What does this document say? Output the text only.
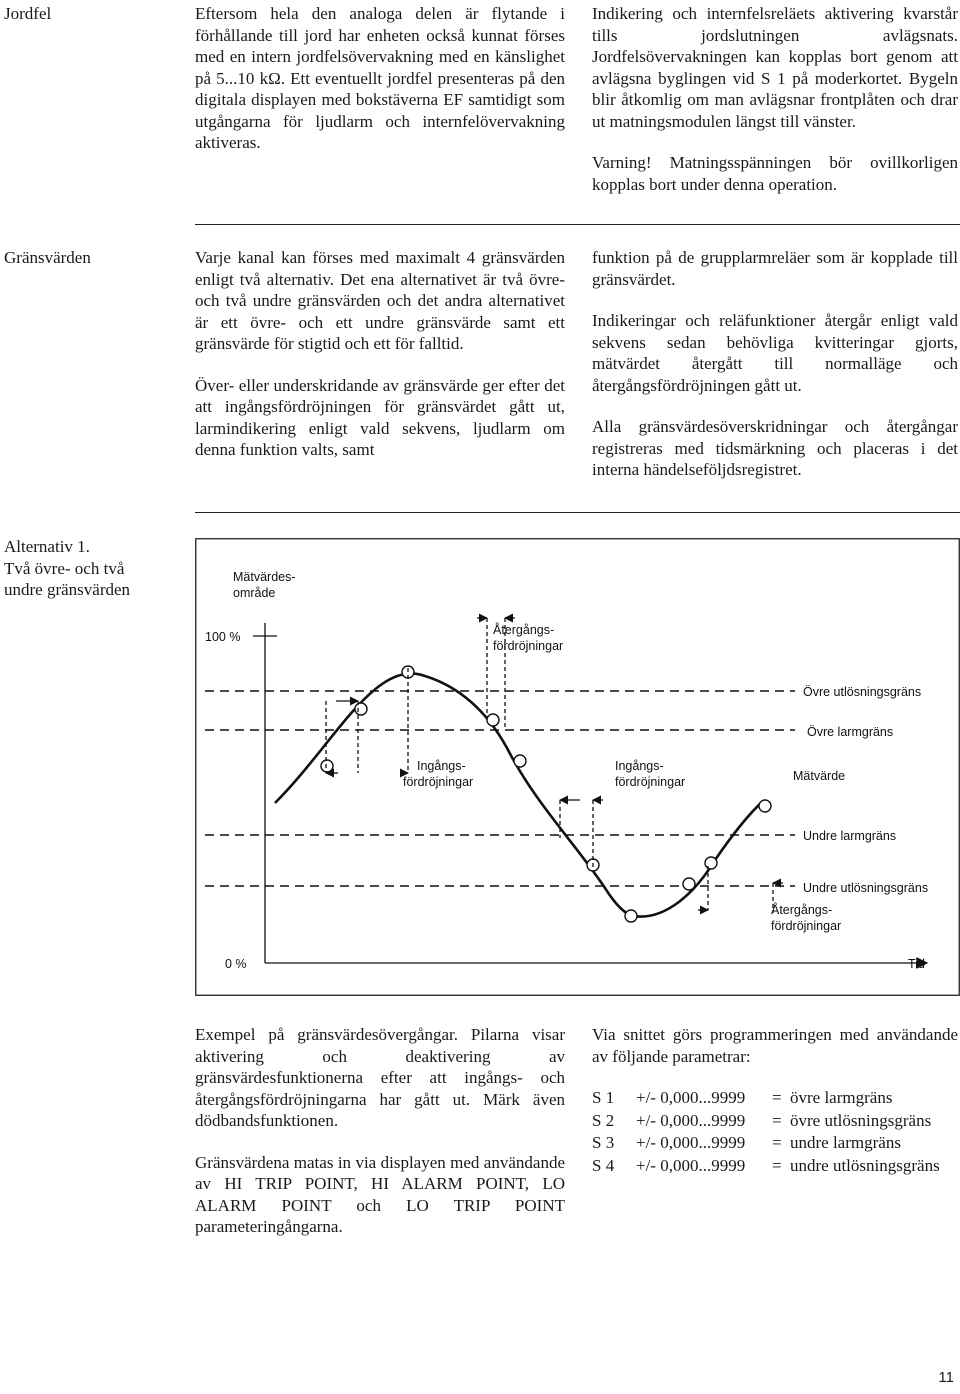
Jordfel	Eftersom hela den analoga delen är flytande i förhållande till jord har enheten också kunnat förses med en intern jordfelsövervakning med en känslighet på 5...10 kΩ. Ett eventuellt jordfel presenteras på den digitala displayen med bokstäverna EF samtidigt som utgångarna för ljudlarm och internfelövervakning aktiveras.

Indikering och internfelsreläets aktivering kvarstår tills jordslutningen avlägsnats. Jordfelsövervakningen kan kopplas bort genom att avlägsna byglingen vid S 1 på moderkortet. Bygeln blir åtkomlig om man avlägsnar frontplåten och drar ut matningsmodulen längst till vänster.

Varning! Matningsspänningen bör ovillkorligen kopplas bort under denna operation.

Gränsvärden	Varje kanal kan förses med maximalt 4 gränsvärden enligt två alternativ. Det ena alternativet är två övre- och två undre gränsvärden och det andra alternativet är ett övre- och ett undre gränsvärde samt ett gränsvärde för stigtid och ett för falltid.

Över- eller underskridande av gränsvärde ger efter det att ingångsfördröjningen för gränsvärdet gått ut, larmindikering enligt vald sekvens, ljudlarm om denna funktion valts, samt

funktion på de grupplarmreläer som är kopplade till gränsvärdet.

Indikeringar och reläfunktioner återgår enligt vald sekvens sedan behövliga kvitteringar gjorts, mätvärdet återgått till normalläge och återgångsfördröjningen gått ut.

Alla gränsvärdesöverskridningar och återgångar registreras med tidsmärkning och placeras i det interna händelseföljdsregistret.

Alternativ 1.
Två övre- och två
undre gränsvärden
Mätvärdes-
område
100 %
0 %	Tid
Övre utlösningsgräns
Övre larmgräns
Mätvärde
Undre larmgräns
Undre utlösningsgräns
Återgångs-
fördröjningar
Ingångs-
fördröjningar
Ingångs-
fördröjningar
Återgångs-
fördröjningar

Exempel på gränsvärdesövergångar. Pilarna visar aktivering och deaktivering av gränsvärdesfunktionerna efter att ingångs- och återgångsfördröjningarna har gått ut. Märk även dödbandsfunktionen.

Gränsvärdena matas in via displayen med användande av HI TRIP POINT, HI ALARM POINT, LO ALARM POINT och LO TRIP POINT parameteringångarna.

Via snittet görs programmeringen med användande av följande parametrar:

S 1	+/- 0,000...9999	=	övre larmgräns
S 2	+/- 0,000...9999	=	övre utlösningsgräns
S 3	+/- 0,000...9999	=	undre larmgräns
S 4	+/- 0,000...9999	=	undre utlösningsgräns
11
